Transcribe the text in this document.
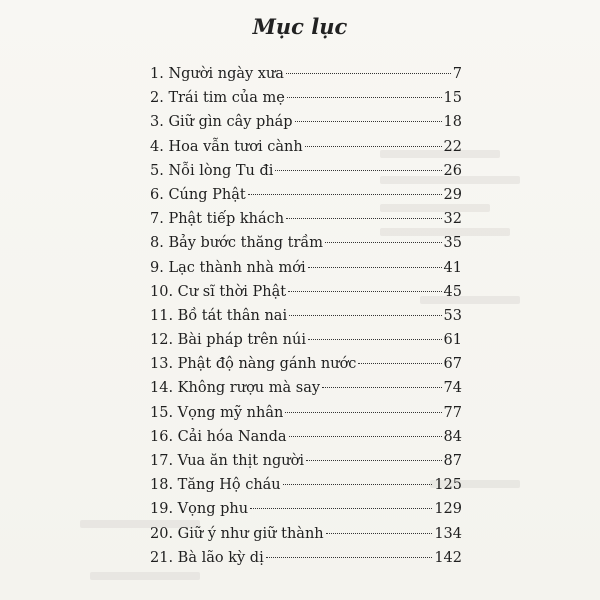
Mục lục
1. Người ngày xưa	7
2. Trái tim của mẹ	15
3. Giữ gìn cây pháp	18
4. Hoa vẫn tươi cành	22
5. Nỗi lòng Tu đi	26
6. Cúng Phật	29
7. Phật tiếp khách	32
8. Bảy bước thăng trầm	35
9. Lạc thành nhà mới	41
10. Cư sĩ thời Phật	45
11. Bồ tát thân nai	53
12. Bài pháp trên núi	61
13. Phật độ nàng gánh nước	67
14. Không rượu mà say	74
15. Vọng mỹ nhân	77
16. Cải hóa Nanda	84
17. Vua ăn thịt người	87
18. Tăng Hộ cháu	125
19. Vọng phu	129
20. Giữ ý như giữ thành	134
21. Bà lão kỳ dị	142
